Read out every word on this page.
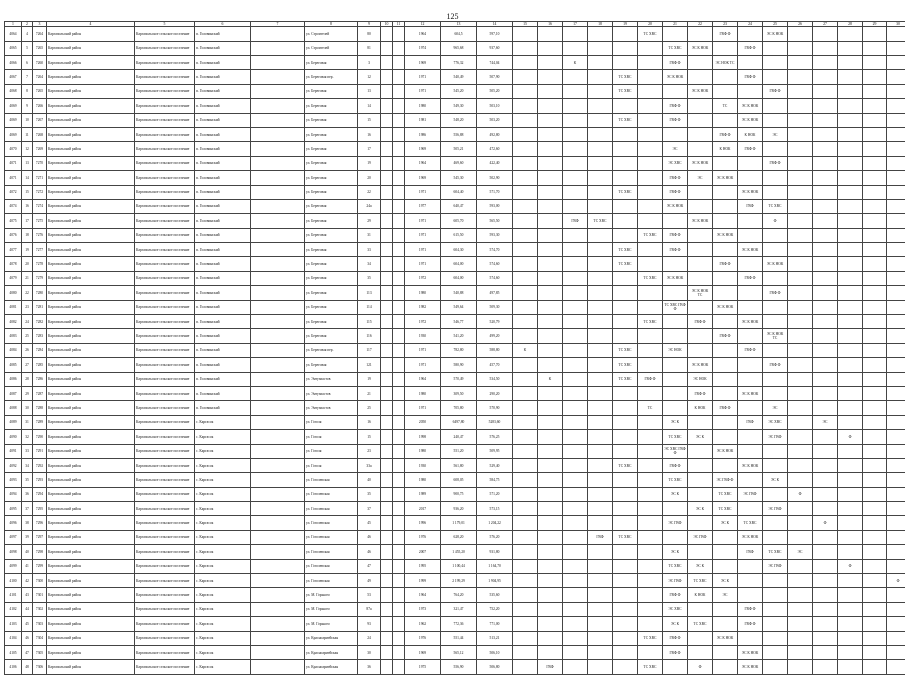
125
1	2	3	4	5	6	7	8	9	10	11	12	13	14	15	16	17	18	19	20	21	22	23	24	25	26	27	28	29	30
4064	4	7264	Каргапольский район	Каргапольское сельское поселение	п. Головинский		ул. Строителей	80			1964	604,5	597,10						ТС ХВС			ГВФ Ф		ЭС К НОК					
4065	5	7265	Каргапольский район	Каргапольское сельское поселение	п. Головинский		ул. Строителей	81			1974	965,68	937,60							ТС ХВС	ЭС К НОК		ГВФ Ф						
4066	6	7260	Каргапольский район	Каргапольское сельское поселение	п. Головинский		ул. Береговая	3			1969	776,32	744,04			К				ГВФ Ф		ЭС НОК ТС							
4067	7	7264	Каргапольский район	Каргапольское сельское поселение	п. Головинский		ул. Береговая пер.	12			1971	540,49	507,90					ТС ХВС		ЭС К НОК			ГВФ Ф						
4068	8	7265	Каргапольский район	Каргапольское сельское поселение	п. Головинский		ул. Береговая	13			1971	545,20	505,20					ТС ХВС			ЭС К НОК			ГВФ Ф					
4069	9	7266	Каргапольский район	Каргапольское сельское поселение	п. Головинский		ул. Береговая	14			1980	549,30	503,10							ГВФ Ф		ТС	ЭС К НОК						
4069	10	7267	Каргапольский район	Каргапольское сельское поселение	п. Головинский		ул. Береговая	15			1981	548,20	503,20					ТС ХВС		ГВФ Ф			ЭС К НОК						
4069	11	7268	Каргапольский район	Каргапольское сельское поселение	п. Головинский		ул. Береговая	16			1986	556,88	492,80									ГВФ Ф	К НОК	ЭС					
4070	12	7269	Каргапольский район	Каргапольское сельское поселение	п. Головинский		ул. Береговая	17			1969	505,21	472,60							ЭС		К НОК	ГВФ Ф						
4071	13	7270	Каргапольский район	Каргапольское сельское поселение	п. Головинский		ул. Береговая	19			1964	469,60	422,40							ЭС ХВС	ЭС К НОК			ГВФ Ф					
4071	14	7271	Каргапольский район	Каргапольское сельское поселение	п. Головинский		ул. Береговая	20			1969	545,30	502,90							ГВФ Ф	ЭС	ЭС К НОК							
4072	15	7272	Каргапольский район	Каргапольское сельское поселение	п. Головинский		ул. Береговая	22			1971	604,40	571,70					ТС ХВС		ГВФ Ф			ЭС К НОК						
4074	16	7274	Каргапольский район	Каргапольское сельское поселение	п. Головинский		ул. Береговая	24а			1977	640,47	593,00							ЭС К НОК			ГВФ	ТС ХВС					
4075	17	7275	Каргапольский район	Каргапольское сельское поселение	п. Головинский		ул. Береговая	29			1971	605,70	565,50			ГВФ	ТС ХВС				ЭС К НОК			Ф					
4076	18	7276	Каргапольский район	Каргапольское сельское поселение	п. Головинский		ул. Береговая	31			1971	615,50	593,30						ТС ХВС	ГВФ Ф		ЭС К НОК							
4077	19	7277	Каргапольский район	Каргапольское сельское поселение	п. Головинский		ул. Береговая	33			1971	604,30	574,70					ТС ХВС		ГВФ Ф			ЭС К НОК						
4078	20	7278	Каргапольский район	Каргапольское сельское поселение	п. Головинский		ул. Береговая	34			1971	604,00	574,60					ТС ХВС				ГВФ Ф		ЭС К НОК					
4079	21	7279	Каргапольский район	Каргапольское сельское поселение	п. Головинский		ул. Береговая	35			1972	604,00	574,60						ТС ХВС	ЭС К НОК			ГВФ Ф						
4080	22	7280	Каргапольский район	Каргапольское сельское поселение	п. Головинский		ул. Береговая	113			1980	540,88	497,85								ЭС К НОК ТС			ГВФ Ф					
4081	23	7281	Каргапольский район	Каргапольское сельское поселение	п. Головинский		ул. Береговая	114			1982	549,64	509,30							ТС ХВС ГВФ Ф		ЭС К НОК							
4082	24	7282	Каргапольский район	Каргапольское сельское поселение	п. Головинский		ул. Береговая	115			1972	546,77	520,79						ТС ХВС		ГВФ Ф		ЭС К НОК						
4083	25	7283	Каргапольский район	Каргапольское сельское поселение	п. Головинский		ул. Береговая	116			1930	541,20	499,20									ГВФ Ф		ЭС К НОК ТС					
4084	26	7284	Каргапольский район	Каргапольское сельское поселение	п. Головинский		ул. Береговая пер.	117			1971	782,80	588,80	К				ТС ХВС		ЭС НОК			ГВФ Ф						
4085	27	7285	Каргапольский район	Каргапольское сельское поселение	п. Головинский		ул. Береговая	121			1971	580,90	457,70					ТС ХВС			ЭС К НОК			ГВФ Ф					
4086	28	7286	Каргапольский район	Каргапольское сельское поселение	п. Головинский		ул. Энтузиастов	19			1964	570,49	534,50		К			ТС ХВС	ГВФ Ф		ЭС НОК								
4087	29	7287	Каргапольский район	Каргапольское сельское поселение	п. Головинский		ул. Энтузиастов	21			1980	309,50	290,20								ГВФ Ф		ЭС К НОК						
4088	30	7288	Каргапольский район	Каргапольское сельское поселение	п. Головинский		ул. Энтузиастов	25			1971	705,80	570,90						ТС		К НОК	ГВФ Ф		ЭС					
4089	31	7289	Каргапольский район	Каргапольское сельское поселение	с. Каргасок		ул. Гоголя	16			2050	6497,80	5283,60							ЭС К			ГВФ	ЭС ХВС		ЭС			
4090	32	7290	Каргапольский район	Каргапольское сельское поселение	с. Каргасок		ул. Гоголя	15			1998	240,47	576,25							ТС ХВС	ЭС К			ЭС ГВФ			Ф		
4091	33	7291	Каргапольский район	Каргапольское сельское поселение	с. Каргасок		ул. Гоголя	23			1980	551,20	509,95							ЭС ХВС ГВФ Ф		ЭС К НОК							
4092	34	7292	Каргапольский район	Каргапольское сельское поселение	с. Каргасок		ул. Гоголя	33а			1930	561,80	529,40					ТС ХВС		ГВФ Ф			ЭС К НОК						
4093	35	7293	Каргапольский район	Каргапольское сельское поселение	с. Каргасок		ул. Гоголевская	40			1980	608,05	584,75							ТС ХВС		ЭС ГВФ Ф		ЭС К					
4094	36	7294	Каргапольский район	Каргапольское сельское поселение	с. Каргасок		ул. Гоголевская	35			1989	900,75	571,20							ЭС К		ТС ХВС	ЭС ГВФ		Ф				
4095	37	7295	Каргапольский район	Каргапольское сельское поселение	с. Каргасок		ул. Гоголевская	37			2017	936,20	573,15								ЭС К	ТС ХВС		ЭС ГВФ					
4096	38	7296	Каргапольский район	Каргапольское сельское поселение	с. Каргасок		ул. Гоголевская	45			1996	1 179,01	1 204,22							ЭС ГВФ		ЭС К	ТС ХВС			Ф			
4097	39	7297	Каргапольский район	Каргапольское сельское поселение	с. Каргасок		ул. Гоголевская	46			1976	628,20	576,20				ГВФ	ТС ХВС			ЭС ГВФ		ЭС К НОК						
4098	40	7298	Каргапольский район	Каргапольское сельское поселение	с. Каргасок		ул. Гоголевская	46			2007	1 455,20	931,80							ЭС К			ГВФ	ТС ХВС	ЭС				
4099	41	7299	Каргапольский район	Каргапольское сельское поселение	с. Каргасок		ул. Гоголевская	47			1995	1 100,44	1 164,70							ТС ХВС	ЭС К			ЭС ГВФ			Ф		
4100	42	7300	Каргапольский район	Каргапольское сельское поселение	с. Каргасок		ул. Гоголевская	49			1999	2 199,29	1 904,95							ЭС ГВФ	ТС ХВС	ЭС К							Ф
4101	43	7301	Каргапольский район	Каргапольское сельское поселение	с. Каргасок		ул. М. Горького	53			1964	764,20	535,60							ГВФ Ф	К НОК	ЭС							
4102	44	7302	Каргапольский район	Каргапольское сельское поселение	с. Каргасок		ул. М. Горького	87а			1973	321,47	752,20							ЭС ХВС			ГВФ Ф						
4103	45	7303	Каргапольский район	Каргапольское сельское поселение	с. Каргасок		ул. М. Горького	93			1962	772,36	771,00							ЭС К	ТС ХВС		ГВФ Ф						
4104	46	7304	Каргапольский район	Каргапольское сельское поселение	с. Каргасок		ул. Красноармейская	24			1976	551,44	513,21						ТС ХВС	ГВФ Ф		ЭС К НОК							
4105	47	7305	Каргапольский район	Каргапольское сельское поселение	с. Каргасок		ул. Красноармейская	30			1969	565,12	506,10							ГВФ Ф			ЭС К НОК						
4106	48	7306	Каргапольский район	Каргапольское сельское поселение	с. Каргасок		ул. Красноармейская	36			1975	556,90	506,80		ГВФ				ТС ХВС		Ф		ЭС К НОК						
